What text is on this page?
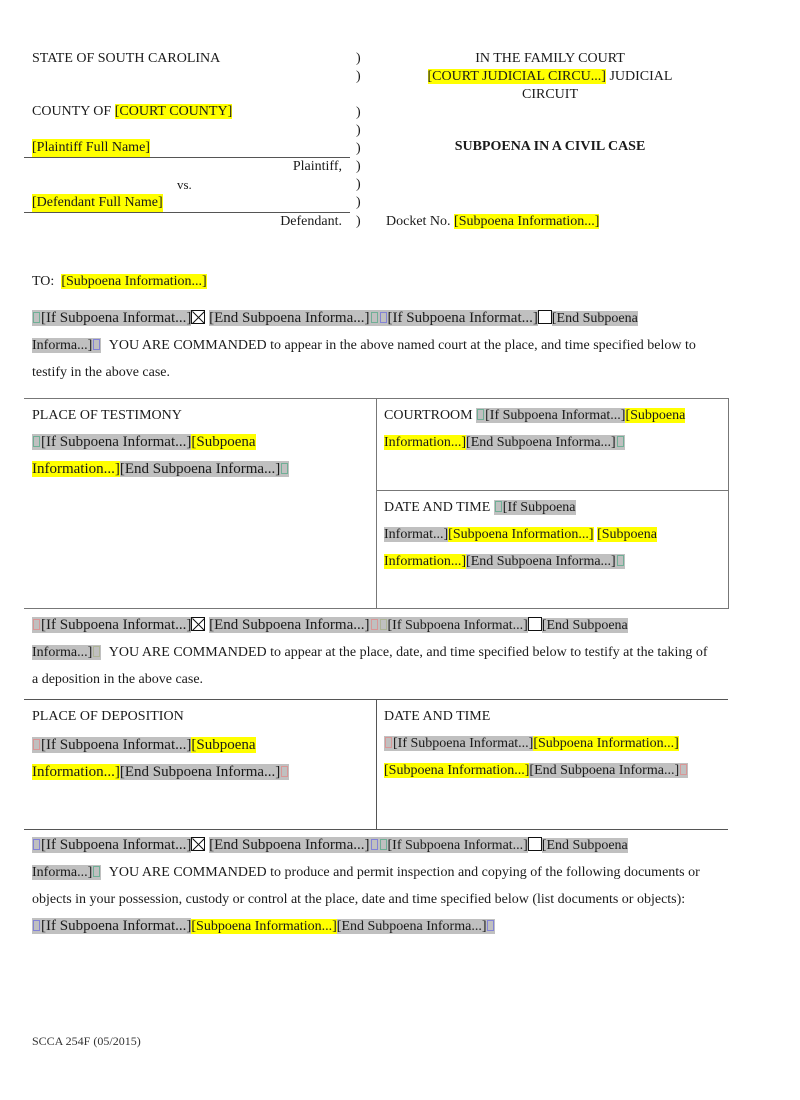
STATE OF SOUTH CAROLINA
COUNTY OF [COURT COUNTY]
[Plaintiff Full Name]
Plaintiff,
vs.
[Defendant Full Name]
Defendant.
)
)
)
)
)
)
)
)
)
IN THE FAMILY COURT
[COURT JUDICIAL CIRCU...] JUDICIAL
CIRCUIT
SUBPOENA IN A CIVIL CASE
Docket No. [Subpoena Information...]
TO: [Subpoena Information...]
[If Subpoena Informat...] [End Subpoena Informa...] [If Subpoena Informat...] [End Subpoena
Informa...] YOU ARE COMMANDED to appear in the above named court at the place, and time specified below to
testify in the above case.
PLACE OF TESTIMONY
[If Subpoena Informat...][Subpoena
Information...][End Subpoena Informa...]
COURTROOM [If Subpoena Informat...][Subpoena
Information...][End Subpoena Informa...]
DATE AND TIME [If Subpoena
Informat...][Subpoena Information...] [Subpoena
Information...][End Subpoena Informa...]
[If Subpoena Informat...] [End Subpoena Informa...] [If Subpoena Informat...] [End Subpoena
Informa...] YOU ARE COMMANDED to appear at the place, date, and time specified below to testify at the taking of
a deposition in the above case.
PLACE OF DEPOSITION
[If Subpoena Informat...][Subpoena
Information...][End Subpoena Informa...]
DATE AND TIME
[If Subpoena Informat...][Subpoena Information...]
[Subpoena Information...][End Subpoena Informa...]
[If Subpoena Informat...] [End Subpoena Informa...] [If Subpoena Informat...] [End Subpoena
Informa...] YOU ARE COMMANDED to produce and permit inspection and copying of the following documents or
objects in your possession, custody or control at the place, date and time specified below (list documents or objects):
[If Subpoena Informat...][Subpoena Information...][End Subpoena Informa...]
SCCA 254F (05/2015)
